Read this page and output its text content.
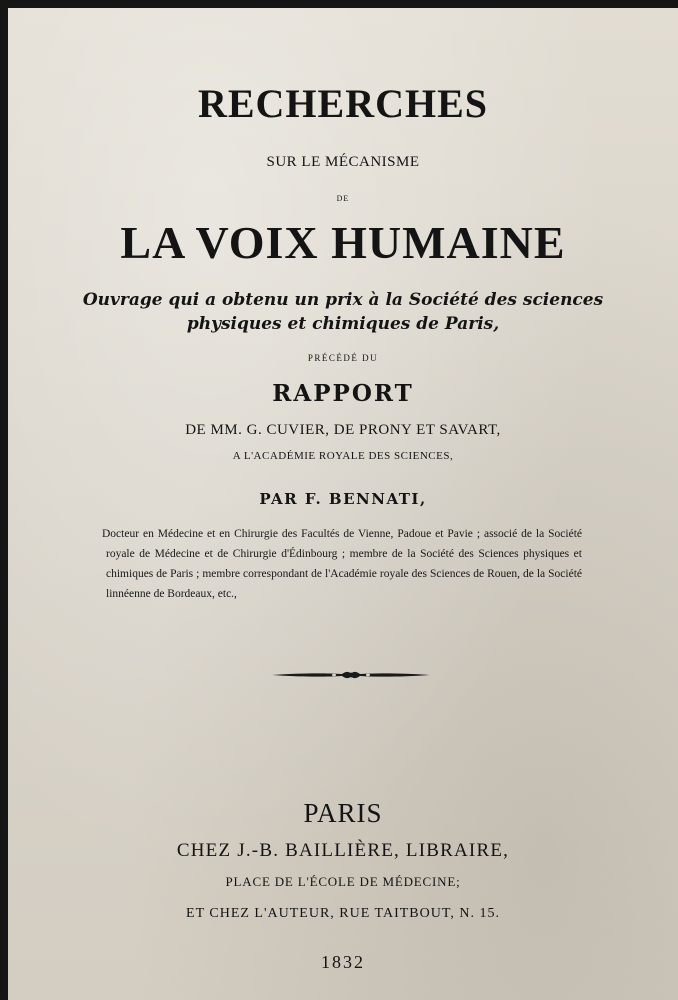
RECHERCHES
SUR LE MÉCANISME
DE
LA VOIX HUMAINE
Ouvrage qui a obtenu un prix à la Société des sciences
physiques et chimiques de Paris,
PRÉCÉDÉ DU
RAPPORT
DE MM. G. CUVIER, DE PRONY ET SAVART,
A L'ACADÉMIE ROYALE DES SCIENCES,
PAR F. BENNATI,
Docteur en Médecine et en Chirurgie des Facultés de Vienne, Padoue et Pavie ; associé de la Société royale de Médecine et de Chirurgie d'Édinbourg ; membre de la Société des Sciences physiques et chimiques de Paris ; membre correspondant de l'Académie royale des Sciences de Rouen, de la Société linnéenne de Bordeaux, etc.,
PARIS
CHEZ J.-B. BAILLIÈRE, LIBRAIRE,
PLACE DE L'ÉCOLE DE MÉDECINE;
ET CHEZ L'AUTEUR, RUE TAITBOUT, N. 15.
1832
